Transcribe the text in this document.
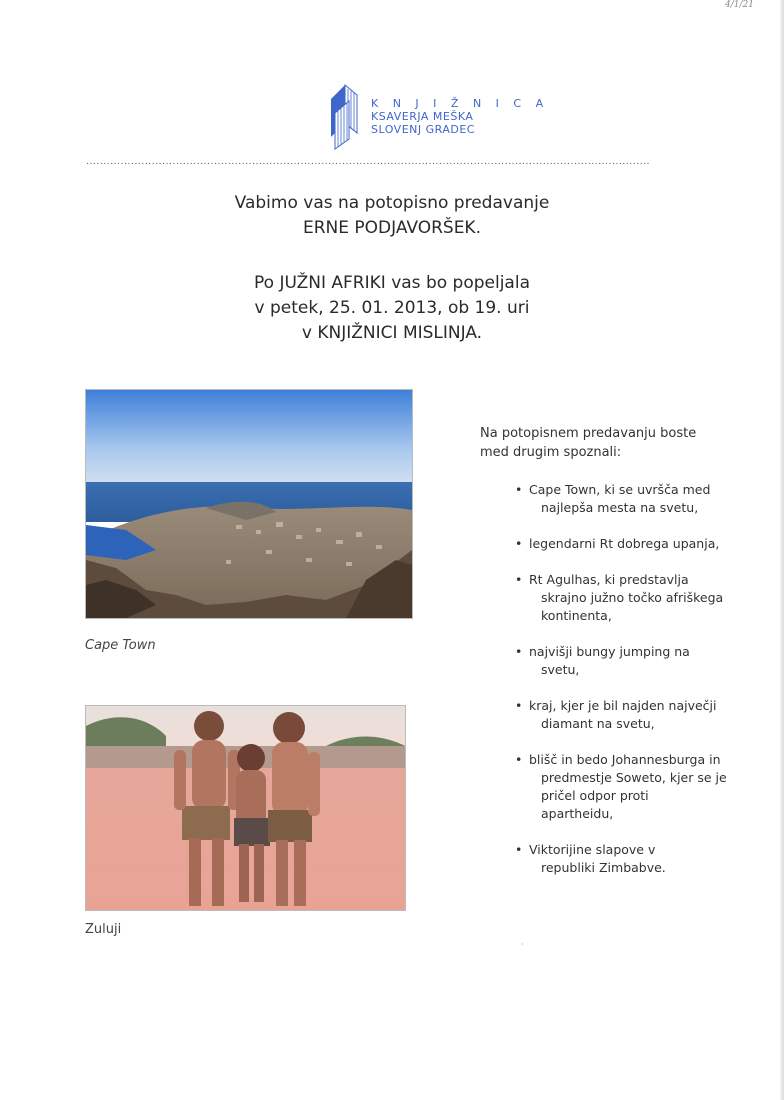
4/1/21
K N J I Ž N I C A
KSAVERJA MEŠKA
SLOVENJ GRADEC
...................................................................................................................................................................
Vabimo vas na potopisno predavanje
ERNE PODJAVORŠEK.
Po JUŽNI AFRIKI vas bo popeljala
v petek, 25. 01. 2013, ob 19. uri
v KNJIŽNICI MISLINJA.
Cape Town
Zuluji
Na potopisnem predavanju boste
med drugim spoznali:
• Cape Town, ki se uvršča med
najlepša mesta na svetu,
• legendarni Rt dobrega upanja,
• Rt Agulhas, ki predstavlja
skrajno južno točko afriškega
kontinenta,
• najvišji bungy jumping na
svetu,
• kraj, kjer je bil najden največji
diamant na svetu,
• blišč in bedo Johannesburga in
predmestje Soweto, kjer se je
pričel odpor proti
apartheidu,
• Viktorijine slapove v
republiki Zimbabve.
·
